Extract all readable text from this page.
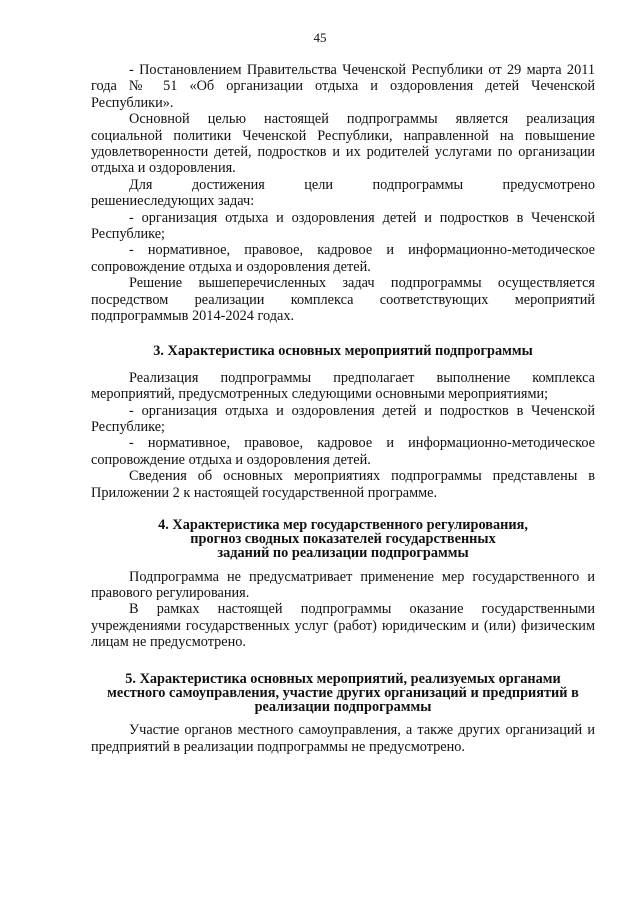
45

- Постановлением Правительства Чеченской Республики от 29 марта 2011 года № 51 «Об организации отдыха и оздоровления детей Чеченской Республики».

Основной целью настоящей подпрограммы является реализация социальной политики Чеченской Республики, направленной на повышение удовлетворенности детей, подростков и их родителей услугами по организации отдыха и оздоровления.

Для достижения цели подпрограммы предусмотрено

решениеследующих задач:

- организация отдыха и оздоровления детей и подростков в Чеченской Республике;

- нормативное, правовое, кадровое и информационно-методическое сопровождение отдыха и оздоровления детей.

Решение вышеперечисленных задач подпрограммы осуществляется посредством реализации комплекса соответствующих мероприятий подпрограммыв 2014-2024 годах.

3. Характеристика основных мероприятий подпрограммы

Реализация подпрограммы предполагает выполнение комплекса мероприятий, предусмотренных следующими основными мероприятиями;

- организация отдыха и оздоровления детей и подростков в Чеченской Республике;

- нормативное, правовое, кадровое и информационно-методическое сопровождение отдыха и оздоровления детей.

Сведения об основных мероприятиях подпрограммы представлены в Приложении 2 к настоящей государственной программе.

4. Характеристика мер государственного регулирования,
прогноз сводных показателей государственных
заданий по реализации подпрограммы

Подпрограмма не предусматривает применение мер государственного и правового регулирования.

В рамках настоящей подпрограммы оказание государственными учреждениями государственных услуг (работ) юридическим и (или) физическим лицам не предусмотрено.

5. Характеристика основных мероприятий, реализуемых органами
местного самоуправления, участие других организаций и предприятий в
реализации подпрограммы

Участие органов местного самоуправления, а также других организаций и предприятий в реализации подпрограммы не предусмотрено.
